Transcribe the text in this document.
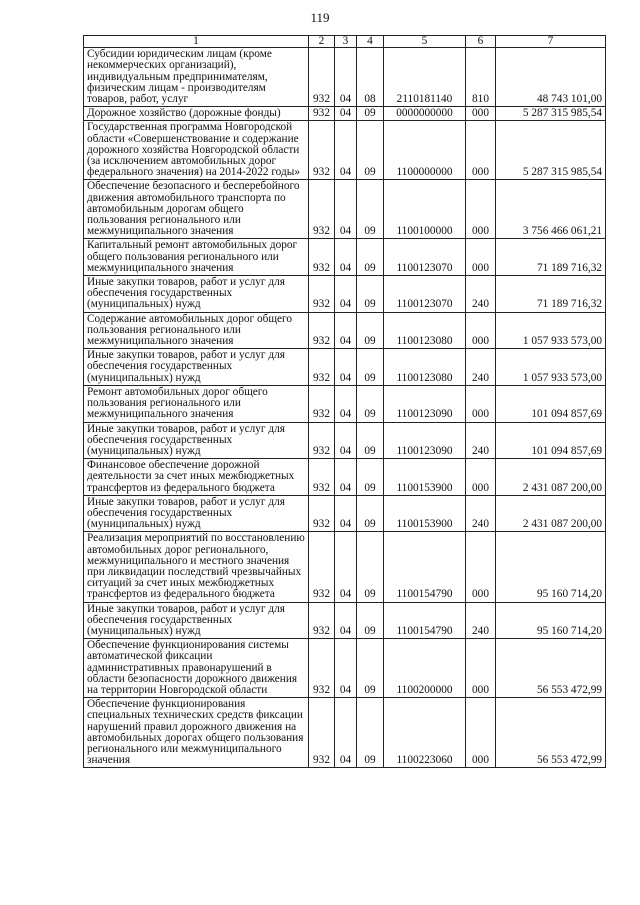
119
1	2	3	4	5	6	7
Субсидии юридическим лицам (кроме некоммерческих организаций), индивидуальным предпринимателям, физическим лицам - производителям товаров, работ, услуг	932	04	08	2110181140	810	48 743 101,00
Дорожное хозяйство (дорожные фонды)	932	04	09	0000000000	000	5 287 315 985,54
Государственная программа Новгородской области «Совершенствование и содержание дорожного хозяйства Новгородской области (за исключением автомобильных дорог федерального значения) на 2014-2022 годы»	932	04	09	1100000000	000	5 287 315 985,54
Обеспечение безопасного и бесперебойного движения автомобильного транспорта по автомобильным дорогам общего пользования регионального или межмуниципального значения	932	04	09	1100100000	000	3 756 466 061,21
Капитальный ремонт автомобильных дорог общего пользования регионального или межмуниципального значения	932	04	09	1100123070	000	71 189 716,32
Иные закупки товаров, работ и услуг для обеспечения государственных (муниципальных) нужд	932	04	09	1100123070	240	71 189 716,32
Содержание автомобильных дорог общего пользования регионального или межмуниципального значения	932	04	09	1100123080	000	1 057 933 573,00
Иные закупки товаров, работ и услуг для обеспечения государственных (муниципальных) нужд	932	04	09	1100123080	240	1 057 933 573,00
Ремонт автомобильных дорог общего пользования регионального или межмуниципального значения	932	04	09	1100123090	000	101 094 857,69
Иные закупки товаров, работ и услуг для обеспечения государственных (муниципальных) нужд	932	04	09	1100123090	240	101 094 857,69
Финансовое обеспечение дорожной деятельности за счет иных межбюджетных трансфертов из федерального бюджета	932	04	09	1100153900	000	2 431 087 200,00
Иные закупки товаров, работ и услуг для обеспечения государственных (муниципальных) нужд	932	04	09	1100153900	240	2 431 087 200,00
Реализация мероприятий по восстановлению автомобильных дорог регионального, межмуниципального и местного значения при ликвидации последствий чрезвычайных ситуаций за счет иных межбюджетных трансфертов из федерального бюджета	932	04	09	1100154790	000	95 160 714,20
Иные закупки товаров, работ и услуг для обеспечения государственных (муниципальных) нужд	932	04	09	1100154790	240	95 160 714,20
Обеспечение функционирования системы автоматической фиксации административных правонарушений в области безопасности дорожного движения на территории Новгородской области	932	04	09	1100200000	000	56 553 472,99
Обеспечение функционирования специальных технических средств фиксации нарушений правил дорожного движения на автомобильных дорогах общего пользования регионального или межмуниципального значения	932	04	09	1100223060	000	56 553 472,99
